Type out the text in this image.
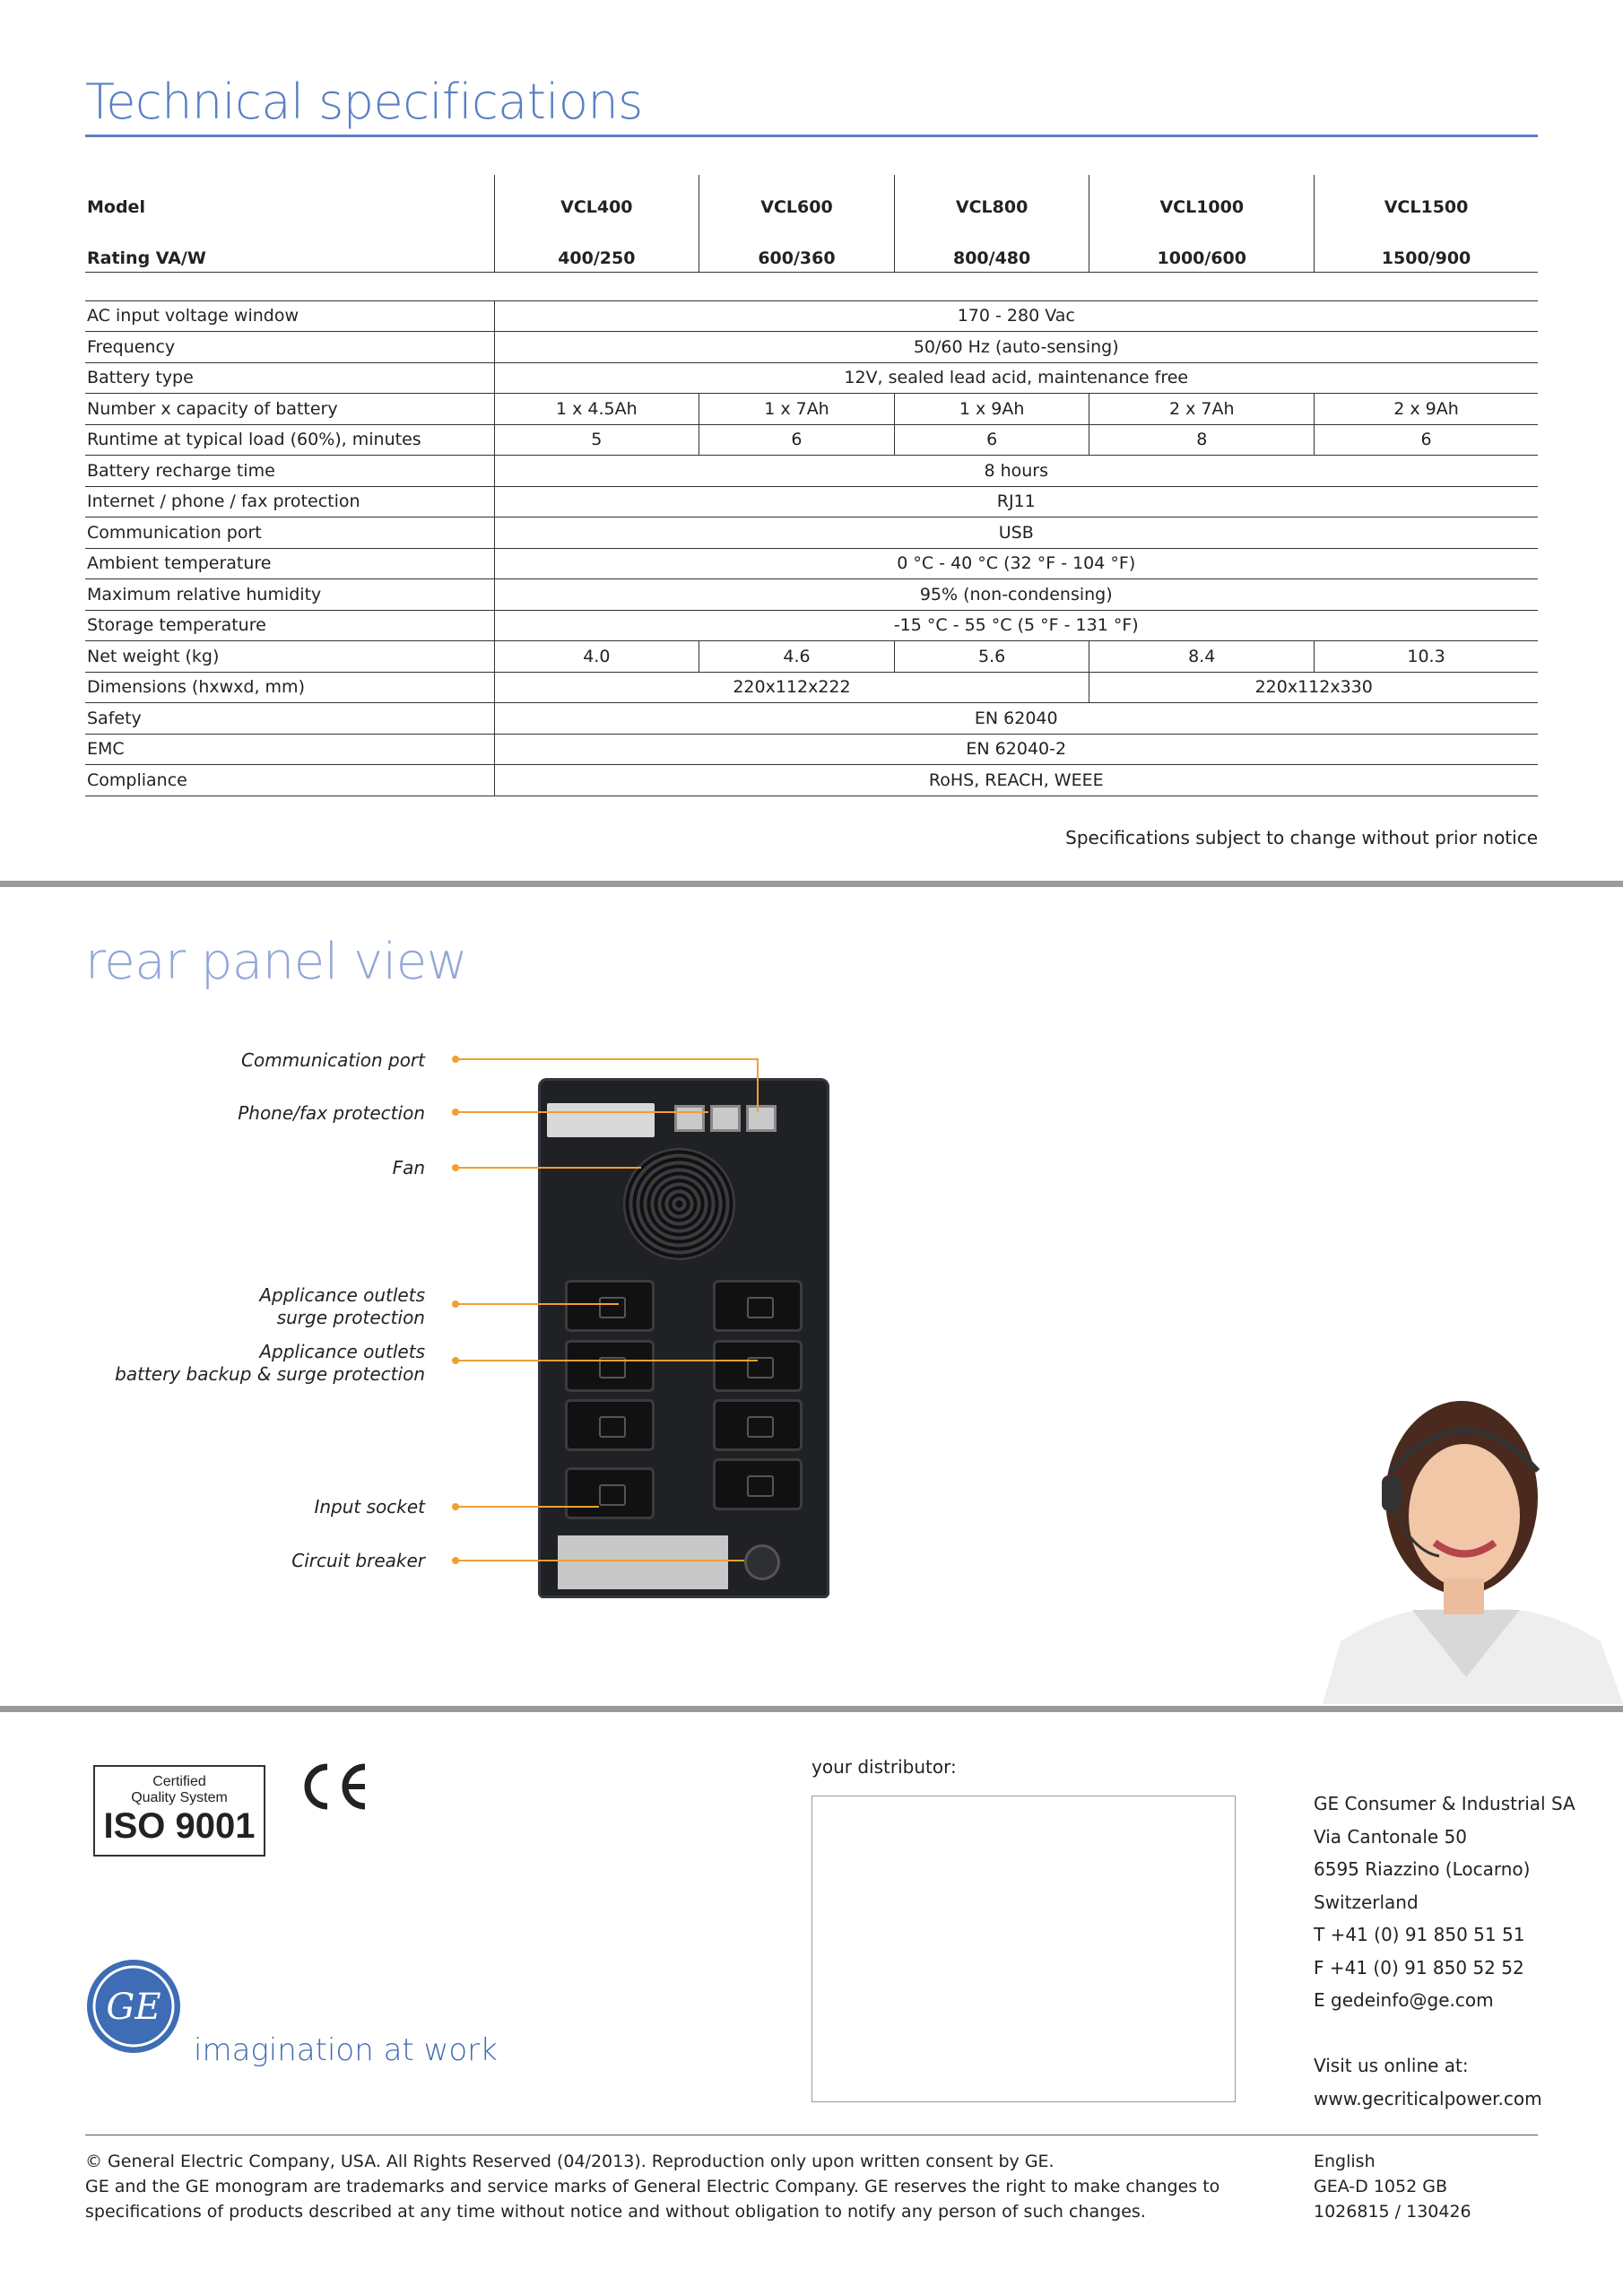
Technical specifications
Model	VCL400	VCL600	VCL800	VCL1000	VCL1500
Rating VA/W	400/250	600/360	800/480	1000/600	1500/900

AC input voltage window	170 - 280 Vac				
Frequency	50/60 Hz (auto-sensing)				
Battery type	12V, sealed lead acid, maintenance free				
Number x capacity of battery	1 x 4.5Ah	1 x 7Ah	1 x 9Ah	2 x 7Ah	2 x 9Ah
Runtime at typical load (60%), minutes	5	6	6	8	6
Battery recharge time	8 hours				
Internet / phone / fax protection	RJ11				
Communication port	USB				
Ambient temperature	0 °C - 40 °C (32 °F - 104 °F)				
Maximum relative humidity	95% (non-condensing)				
Storage temperature	-15 °C - 55 °C (5 °F - 131 °F)				
Net weight (kg)	4.0	4.6	5.6	8.4	10.3
Dimensions (hxwxd, mm)	220x112x222			220x112x330	
Safety	EN 62040				
EMC	EN 62040-2				
Compliance	RoHS, REACH, WEEE				
Specifications subject to change without prior notice
rear panel view
Communication port
Phone/fax protection
Fan
Applicance outlets
surge protection
Applicance outlets
battery backup & surge protection
Input socket
Circuit breaker
Certified
Quality System
ISO 9001
your distributor:
GE Consumer & Industrial SA
Via Cantonale 50
6595 Riazzino (Locarno)
Switzerland
T +41 (0) 91 850 51 51
F +41 (0) 91 850 52 52
E gedeinfo@ge.com
Visit us online at:
www.gecriticalpower.com
GE
imagination at work
© General Electric Company, USA. All Rights Reserved (04/2013). Reproduction only upon written consent by GE.
GE and the GE monogram are trademarks and service marks of General Electric Company. GE reserves the right to make changes to
specifications of products described at any time without notice and without obligation to notify any person of such changes.
English
GEA-D 1052 GB
1026815 / 130426
